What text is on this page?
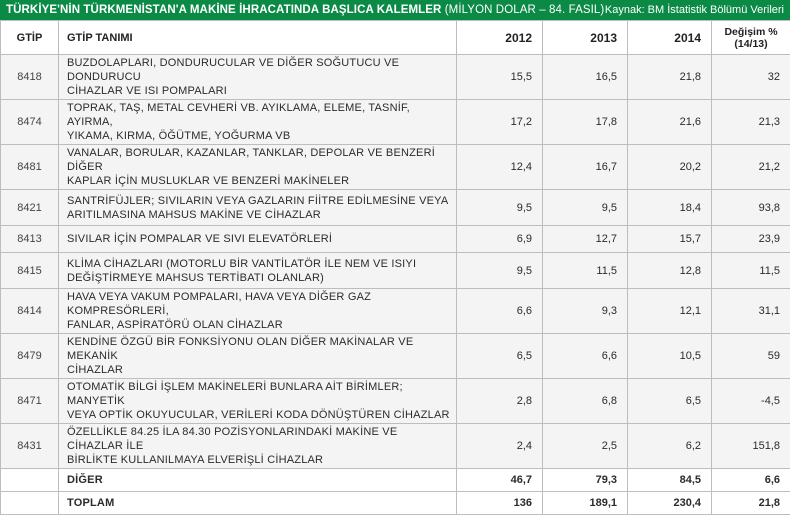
TÜRKİYE'NİN TÜRKMENİSTAN'A MAKİNE İHRACATINDA BAŞLICA KALEMLER (MİLYON DOLAR – 84. FASIL) Kaynak: BM İstatistik Bölümü Verileri
GTİP	GTİP TANIMI	2012	2013	2014	Değişim %
(14/13)
8418	BUZDOLAPLARI, DONDURUCULAR VE DİĞER SOĞUTUCU VE DONDURUCU
CİHAZLAR VE ISI POMPALARI	15,5	16,5	21,8	32
8474	TOPRAK, TAŞ, METAL CEVHERİ VB. AYIKLAMA, ELEME, TASNİF, AYIRMA,
YIKAMA, KIRMA, ÖĞÜTME, YOĞURMA VB	17,2	17,8	21,6	21,3
8481	VANALAR, BORULAR, KAZANLAR, TANKLAR, DEPOLAR VE BENZERİ DİĞER
KAPLAR İÇİN MUSLUKLAR VE BENZERİ MAKİNELER	12,4	16,7	20,2	21,2
8421	SANTRİFÜJLER; SIVILARIN VEYA GAZLARIN FİİTRE EDİLMESİNE VEYA
ARITILMASINA MAHSUS MAKİNE VE CİHAZLAR	9,5	9,5	18,4	93,8
8413	SIVILAR İÇİN POMPALAR VE SIVI ELEVATÖRLERİ	6,9	12,7	15,7	23,9
8415	KLİMA CİHAZLARI (MOTORLU BİR VANTİLATÖR İLE NEM VE ISIYI
DEĞİŞTİRMEYE MAHSUS TERTİBATI OLANLAR)	9,5	11,5	12,8	11,5
8414	HAVA VEYA VAKUM POMPALARI, HAVA VEYA DİĞER GAZ KOMPRESÖRLERİ,
FANLAR, ASPİRATÖRÜ OLAN CİHAZLAR	6,6	9,3	12,1	31,1
8479	KENDİNE ÖZGÜ BİR FONKSİYONU OLAN DİĞER MAKİNALAR VE MEKANİK
CİHAZLAR	6,5	6,6	10,5	59
8471	OTOMATİK BİLGİ İŞLEM MAKİNELERİ BUNLARA AİT BİRİMLER; MANYETİK
VEYA OPTİK OKUYUCULAR, VERİLERİ KODA DÖNÜŞTÜREN CİHAZLAR	2,8	6,8	6,5	-4,5
8431	ÖZELLİKLE 84.25 İLA 84.30 POZİSYONLARINDAKİ MAKİNE VE CİHAZLAR İLE
BİRLİKTE KULLANILMAYA ELVERİŞLİ CİHAZLAR	2,4	2,5	6,2	151,8
	DİĞER	46,7	79,3	84,5	6,6
	TOPLAM	136	189,1	230,4	21,8
